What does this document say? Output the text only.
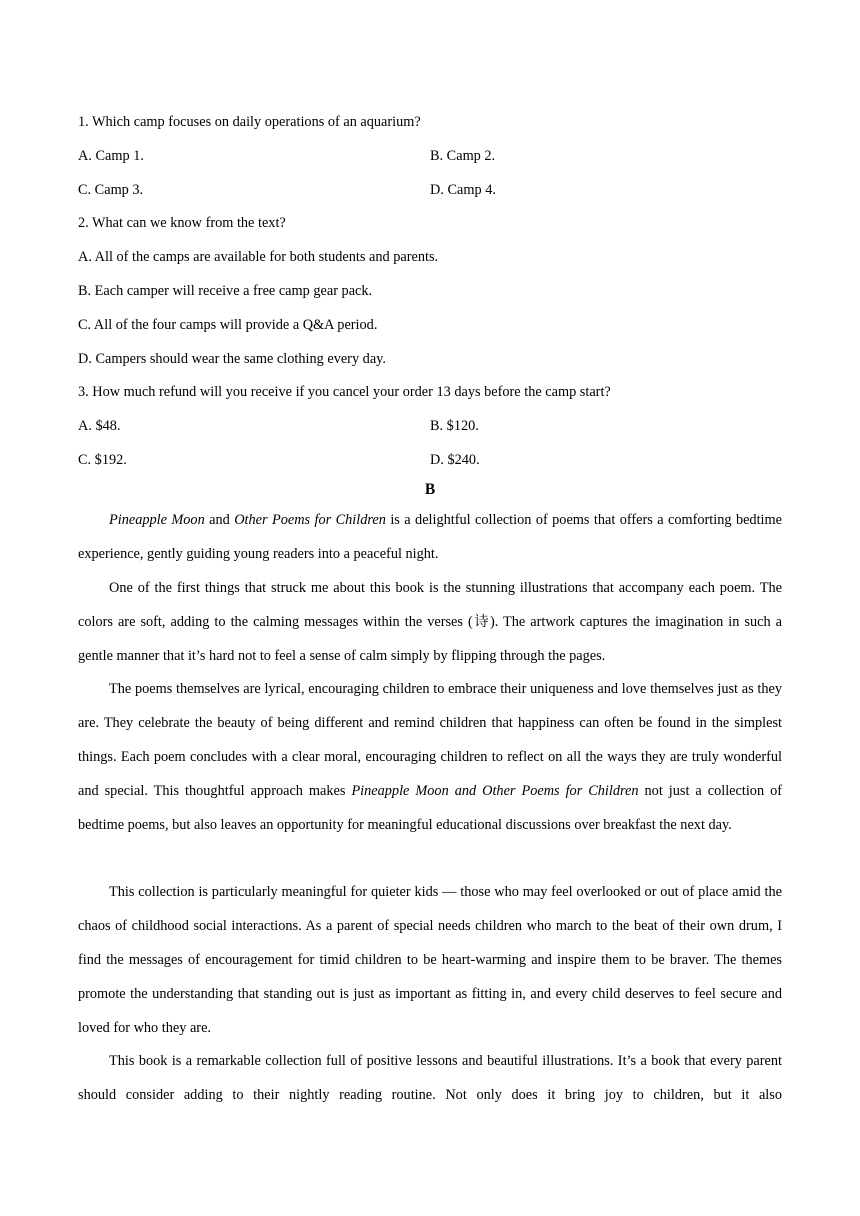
1. Which camp focuses on daily operations of an aquarium?
A. Camp 1.	B. Camp 2.
C. Camp 3.	D. Camp 4.
2. What can we know from the text?
A. All of the camps are available for both students and parents.
B. Each camper will receive a free camp gear pack.
C. All of the four camps will provide a Q&A period.
D. Campers should wear the same clothing every day.
3. How much refund will you receive if you cancel your order 13 days before the camp start?
A. $48.	B. $120.
C. $192.	D. $240.
B
Pineapple Moon and Other Poems for Children is a delightful collection of poems that offers a comforting bedtime experience, gently guiding young readers into a peaceful night.
One of the first things that struck me about this book is the stunning illustrations that accompany each poem. The colors are soft, adding to the calming messages within the verses (诗). The artwork captures the imagination in such a gentle manner that it’s hard not to feel a sense of calm simply by flipping through the pages.
The poems themselves are lyrical, encouraging children to embrace their uniqueness and love themselves just as they are. They celebrate the beauty of being different and remind children that happiness can often be found in the simplest things. Each poem concludes with a clear moral, encouraging children to reflect on all the ways they are truly wonderful and special. This thoughtful approach makes Pineapple Moon and Other Poems for Children not just a collection of bedtime poems, but also leaves an opportunity for meaningful educational discussions over breakfast the next day.
This collection is particularly meaningful for quieter kids — those who may feel overlooked or out of place amid the chaos of childhood social interactions. As a parent of special needs children who march to the beat of their own drum, I find the messages of encouragement for timid children to be heart-warming and inspire them to be braver. The themes promote the understanding that standing out is just as important as fitting in, and every child deserves to feel secure and loved for who they are.
This book is a remarkable collection full of positive lessons and beautiful illustrations. It’s a book that every parent should consider adding to their nightly reading routine. Not only does it bring joy to children, but it also
